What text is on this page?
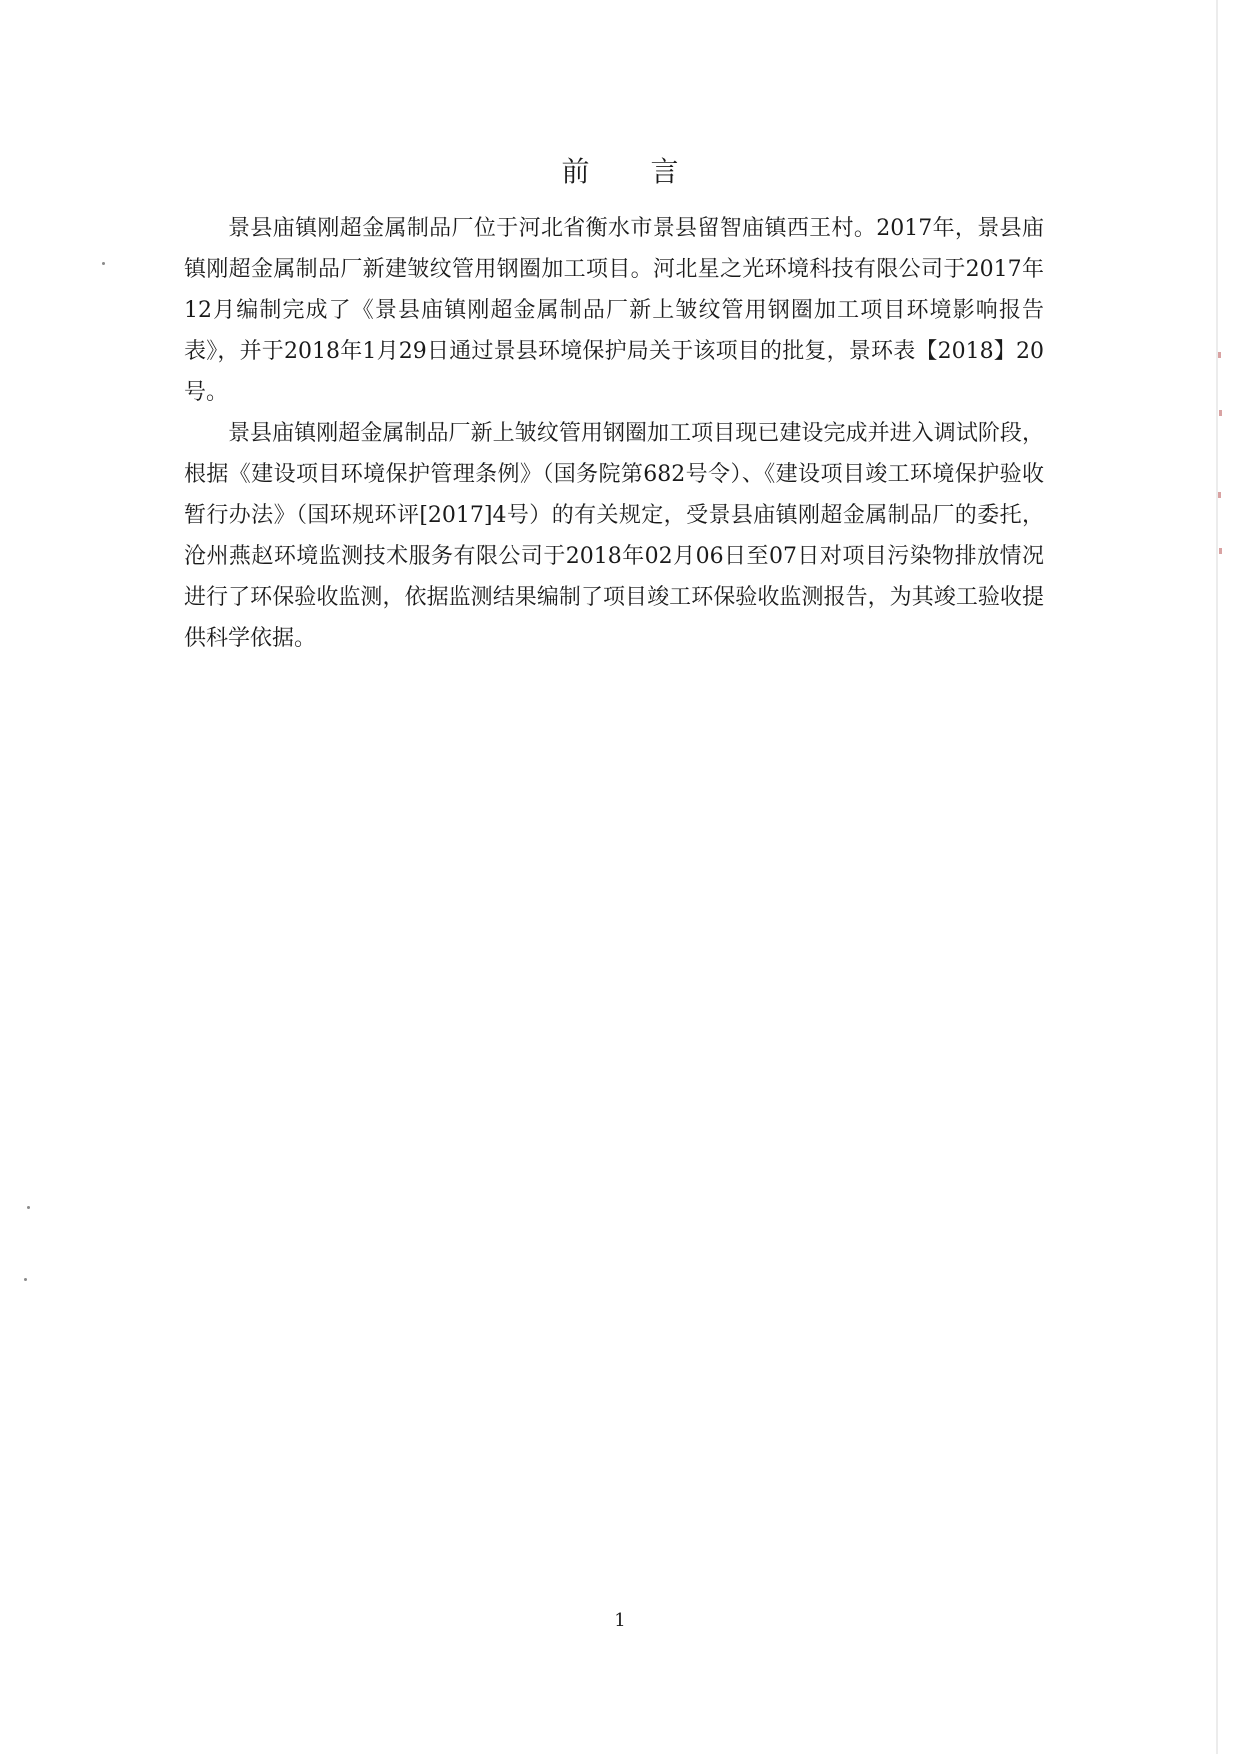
前 言

景县庙镇刚超金属制品厂位于河北省衡水市景县留智庙镇西王村。2017年，景县庙镇刚超金属制品厂新建皱纹管用钢圈加工项目。河北星之光环境科技有限公司于2017年12月编制完成了《景县庙镇刚超金属制品厂新上皱纹管用钢圈加工项目环境影响报告表》，并于2018年1月29日通过景县环境保护局关于该项目的批复，景环表【2018】20号。

景县庙镇刚超金属制品厂新上皱纹管用钢圈加工项目现已建设完成并进入调试阶段，根据《建设项目环境保护管理条例》（国务院第682号令）、《建设项目竣工环境保护验收暂行办法》（国环规环评[2017]4号）的有关规定，受景县庙镇刚超金属制品厂的委托，沧州燕赵环境监测技术服务有限公司于2018年02月06日至07日对项目污染物排放情况进行了环保验收监测，依据监测结果编制了项目竣工环保验收监测报告，为其竣工验收提供科学依据。

1
